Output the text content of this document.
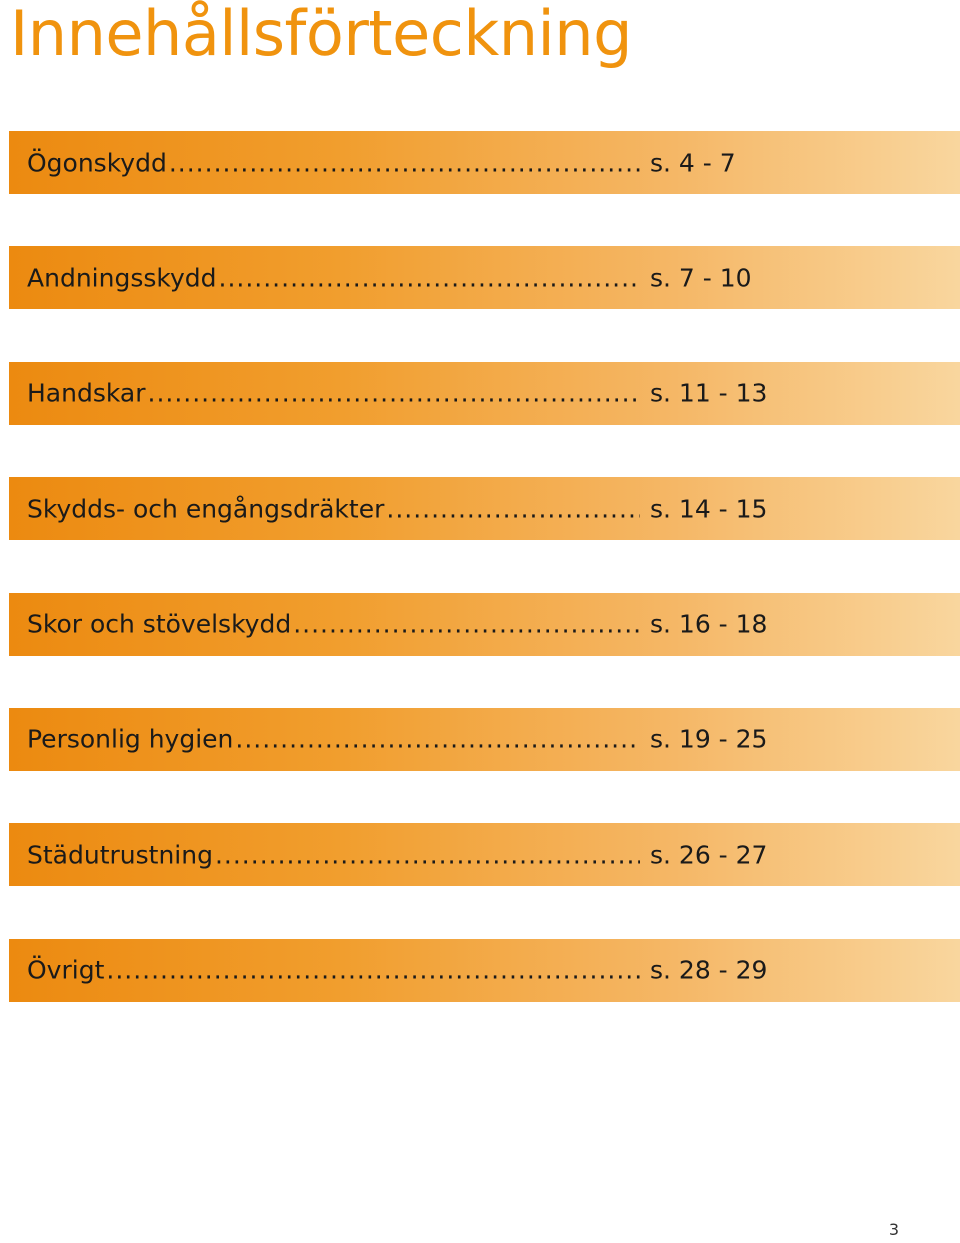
Innehållsförteckning
Ögonskydd .....	s. 4 - 7
Andningsskydd .....	s. 7 - 10
Handskar .....	s. 11 - 13
Skydds- och engångsdräkter .....	s. 14 - 15
Skor och stövelskydd .....	s. 16 - 18
Personlig hygien .....	s. 19 - 25
Städutrustning .....	s. 26 - 27
Övrigt .....	s. 28 - 29
3
